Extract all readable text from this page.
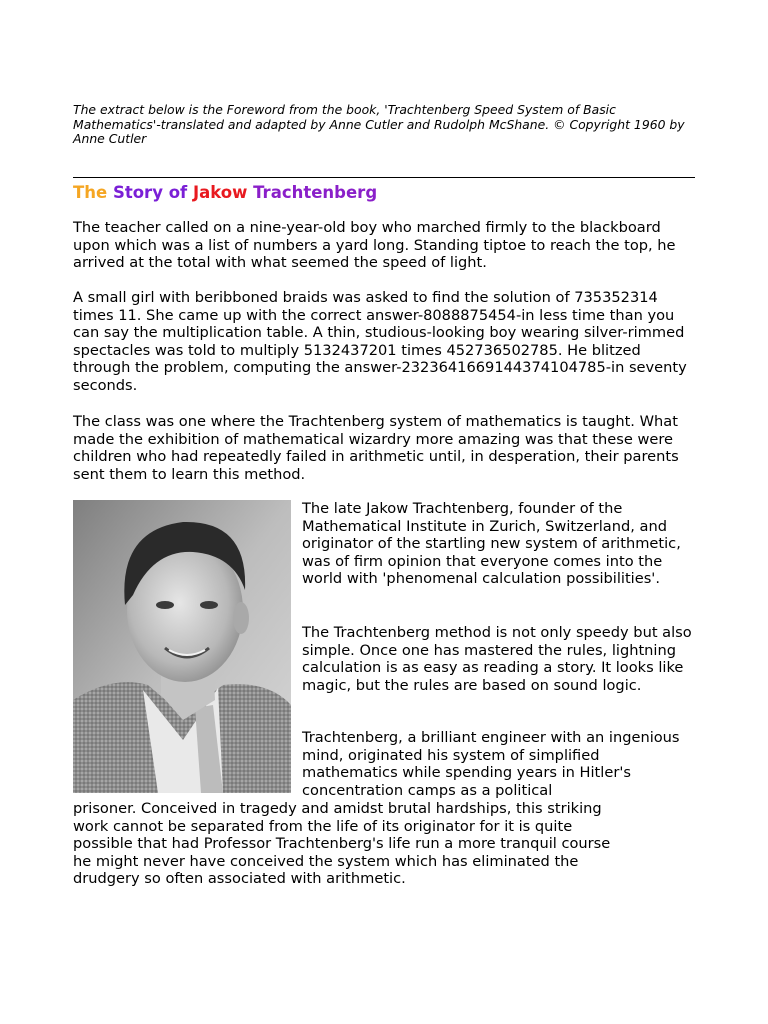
The extract below is the Foreword from the book, 'Trachtenberg Speed System of Basic Mathematics'-translated and adapted by Anne Cutler and Rudolph McShane. © Copyright 1960 by Anne Cutler

The Story of Jakow Trachtenberg

The teacher called on a nine-year-old boy who marched firmly to the blackboard upon which was a list of numbers a yard long. Standing tiptoe to reach the top, he arrived at the total with what seemed the speed of light.

A small girl with beribboned braids was asked to find the solution of 735352314 times 11. She came up with the correct answer-8088875454-in less time than you can say the multiplication table. A thin, studious-looking boy wearing silver-rimmed spectacles was told to multiply 5132437201 times 452736502785. He blitzed through the problem, computing the answer-2323641669144374104785-in seventy seconds.

The class was one where the Trachtenberg system of mathematics is taught. What made the exhibition of mathematical wizardry more amazing was that these were children who had repeatedly failed in arithmetic until, in desperation, their parents sent them to learn this method.

The late Jakow Trachtenberg, founder of the Mathematical Institute in Zurich, Switzerland, and originator of the startling new system of arithmetic, was of firm opinion that everyone comes into the world with 'phenomenal calculation possibilities'.

The Trachtenberg method is not only speedy but also simple. Once one has mastered the rules, lightning calculation is as easy as reading a story. It looks like magic, but the rules are based on sound logic.

Trachtenberg, a brilliant engineer with an ingenious mind, originated his system of simplified mathematics while spending years in Hitler's concentration camps as a political

prisoner. Conceived in tragedy and amidst brutal hardships, this striking work cannot be separated from the life of its originator for it is quite possible that had Professor Trachtenberg's life run a more tranquil course he might never have conceived the system which has eliminated the drudgery so often associated with arithmetic.
